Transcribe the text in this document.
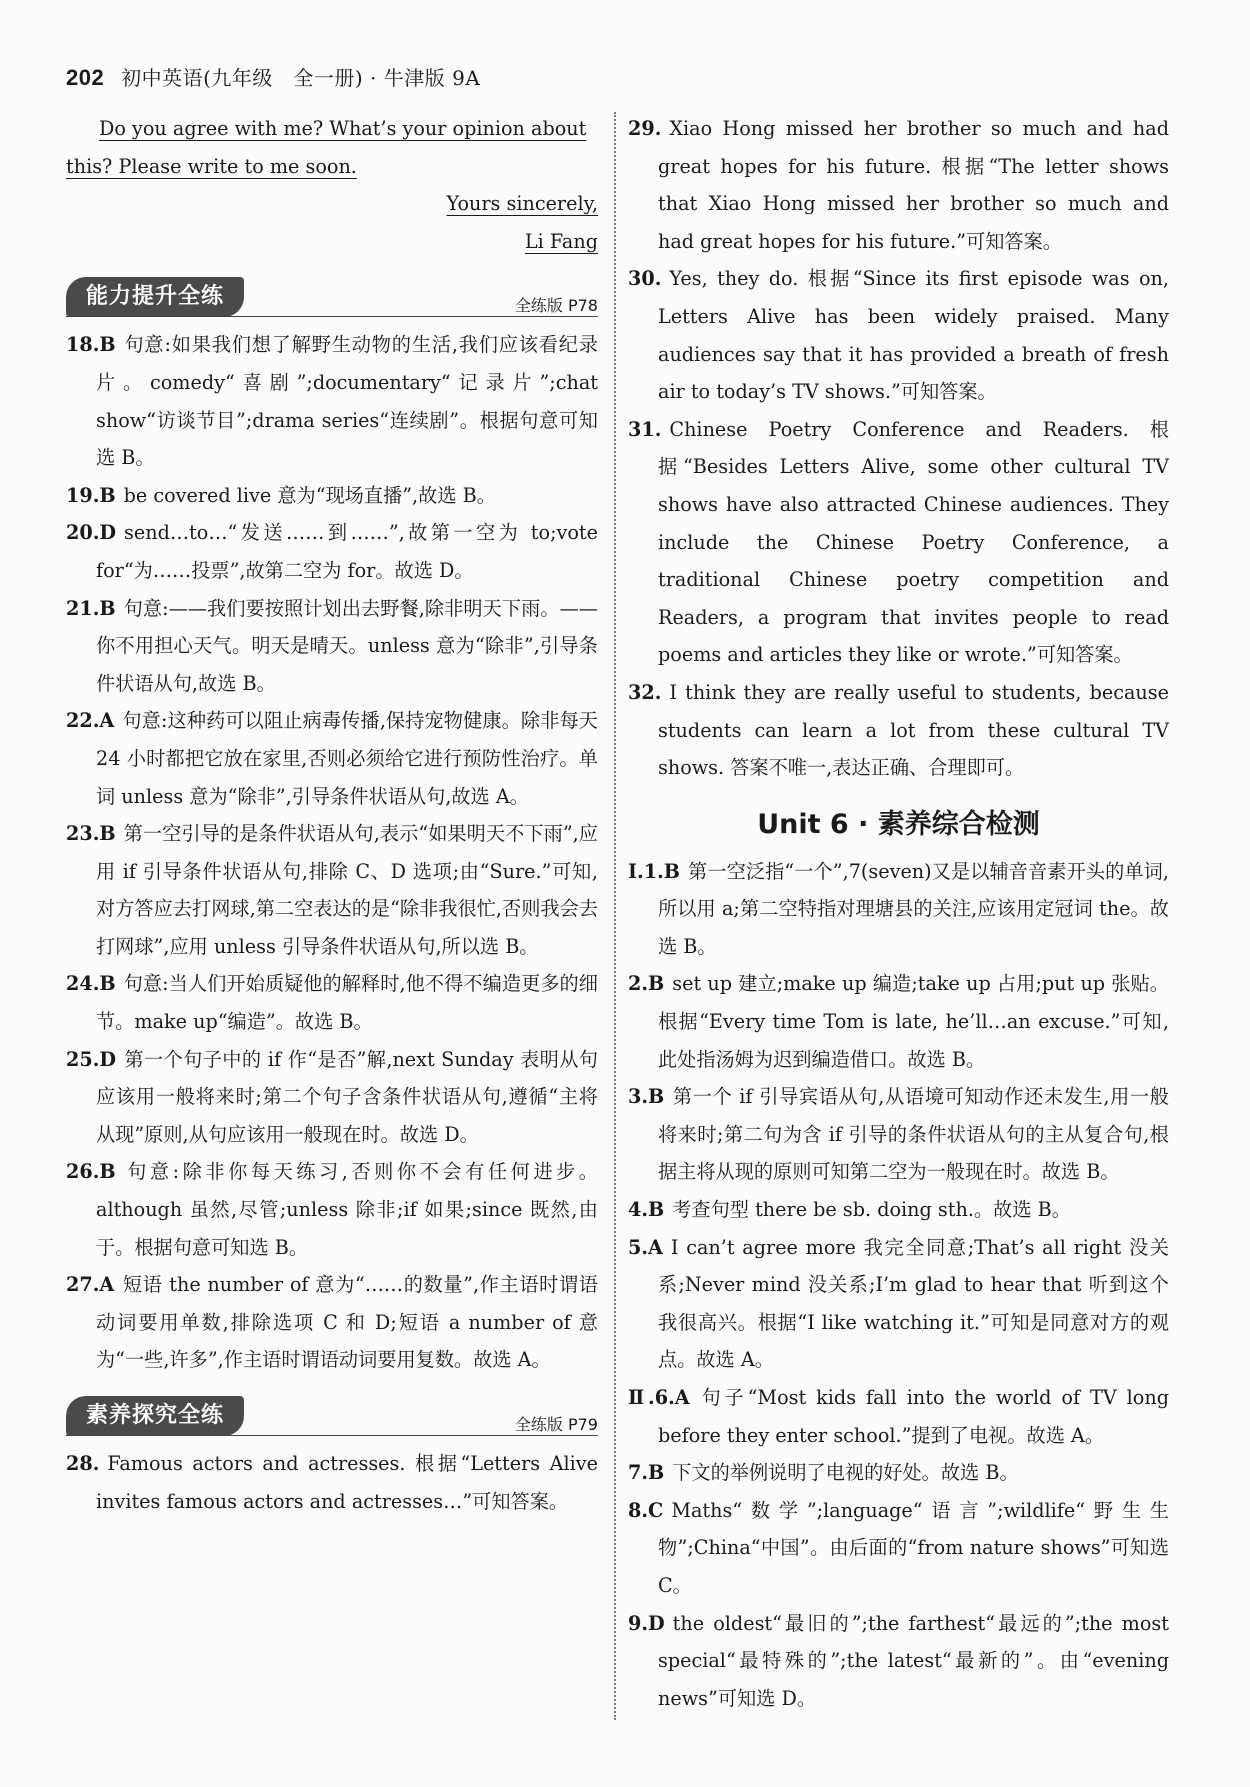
202 初中英语(九年级　全一册) · 牛津版 9A
Do you agree with me? What’s your opinion about
this? Please write to me soon.
Yours sincerely,
Li Fang
能力提升全练	全练版 P78
18.B 句意:如果我们想了解野生动物的生活,我们应该看纪录片。comedy“喜剧”;documentary“记录片”;chat show“访谈节目”;drama series“连续剧”。根据句意可知选 B。
19.B be covered live 意为“现场直播”,故选 B。
20.D send…to…“发送……到……”,故第一空为 to;vote for“为……投票”,故第二空为 for。故选 D。
21.B 句意:——我们要按照计划出去野餐,除非明天下雨。——你不用担心天气。明天是晴天。unless 意为“除非”,引导条件状语从句,故选 B。
22.A 句意:这种药可以阻止病毒传播,保持宠物健康。除非每天 24 小时都把它放在家里,否则必须给它进行预防性治疗。单词 unless 意为“除非”,引导条件状语从句,故选 A。
23.B 第一空引导的是条件状语从句,表示“如果明天不下雨”,应用 if 引导条件状语从句,排除 C、D 选项;由“Sure.”可知,对方答应去打网球,第二空表达的是“除非我很忙,否则我会去打网球”,应用 unless 引导条件状语从句,所以选 B。
24.B 句意:当人们开始质疑他的解释时,他不得不编造更多的细节。make up“编造”。故选 B。
25.D 第一个句子中的 if 作“是否”解,next Sunday 表明从句应该用一般将来时;第二个句子含条件状语从句,遵循“主将从现”原则,从句应该用一般现在时。故选 D。
26.B 句意:除非你每天练习,否则你不会有任何进步。although 虽然,尽管;unless 除非;if 如果;since 既然,由于。根据句意可知选 B。
27.A 短语 the number of 意为“……的数量”,作主语时谓语动词要用单数,排除选项 C 和 D;短语 a number of 意为“一些,许多”,作主语时谓语动词要用复数。故选 A。
素养探究全练	全练版 P79
28. Famous actors and actresses. 根据“Letters Alive invites famous actors and actresses…”可知答案。
29. Xiao Hong missed her brother so much and had great hopes for his future. 根据“The letter shows that Xiao Hong missed her brother so much and had great hopes for his future.”可知答案。
30. Yes, they do. 根据“Since its first episode was on, Letters Alive has been widely praised. Many audiences say that it has provided a breath of fresh air to today’s TV shows.”可知答案。
31. Chinese Poetry Conference and Readers. 根据“Besides Letters Alive, some other cultural TV shows have also attracted Chinese audiences. They include the Chinese Poetry Conference, a traditional Chinese poetry competition and Readers, a program that invites people to read poems and articles they like or wrote.”可知答案。
32. I think they are really useful to students, because students can learn a lot from these cultural TV shows. 答案不唯一,表达正确、合理即可。
Unit 6 · 素养综合检测
Ⅰ.1.B 第一空泛指“一个”,7(seven)又是以辅音音素开头的单词,所以用 a;第二空特指对理塘县的关注,应该用定冠词 the。故选 B。
2.B set up 建立;make up 编造;take up 占用;put up 张贴。根据“Every time Tom is late, he’ll…an excuse.”可知,此处指汤姆为迟到编造借口。故选 B。
3.B 第一个 if 引导宾语从句,从语境可知动作还未发生,用一般将来时;第二句为含 if 引导的条件状语从句的主从复合句,根据主将从现的原则可知第二空为一般现在时。故选 B。
4.B 考查句型 there be sb. doing sth.。故选 B。
5.A I can’t agree more 我完全同意;That’s all right 没关系;Never mind 没关系;I’m glad to hear that 听到这个我很高兴。根据“I like watching it.”可知是同意对方的观点。故选 A。
Ⅱ.6.A 句子“Most kids fall into the world of TV long before they enter school.”提到了电视。故选 A。
7.B 下文的举例说明了电视的好处。故选 B。
8.C Maths“数学”;language“语言”;wildlife“野生生物”;China“中国”。由后面的“from nature shows”可知选 C。
9.D the oldest“最旧的”;the farthest“最远的”;the most special“最特殊的”;the latest“最新的”。由“evening news”可知选 D。
